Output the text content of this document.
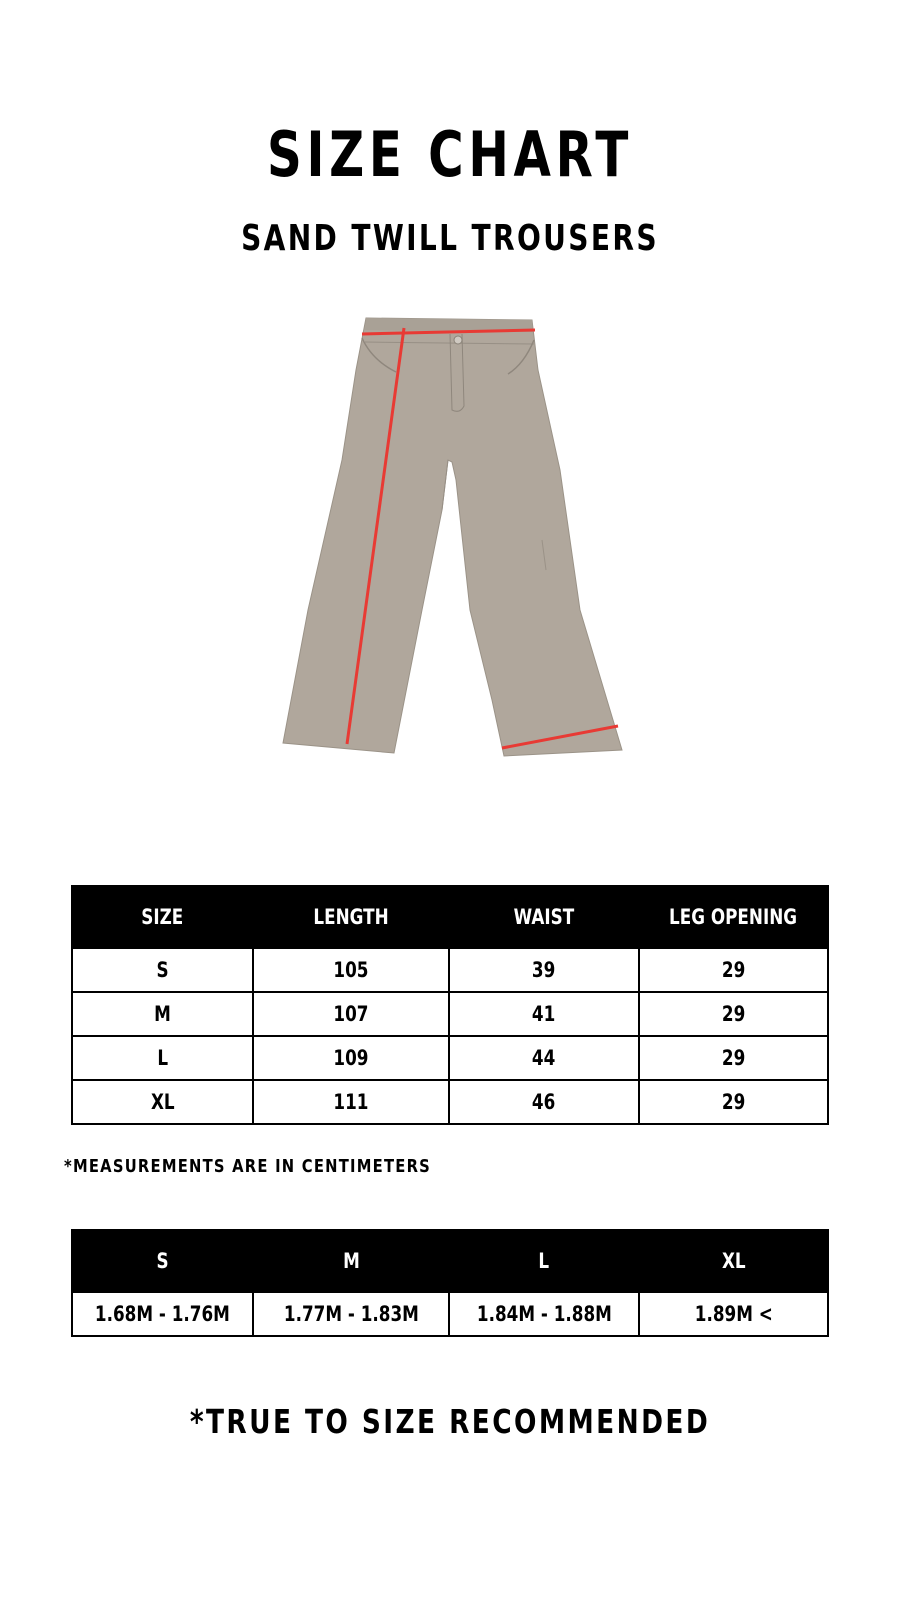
SIZE CHART
SAND TWILL TROUSERS
SIZE	LENGTH	WAIST	LEG OPENING
S	105	39	29
M	107	41	29
L	109	44	29
XL	111	46	29
*MEASUREMENTS ARE IN CENTIMETERS
S	M	L	XL
1.68M - 1.76M	1.77M - 1.83M	1.84M - 1.88M	1.89M <
*TRUE TO SIZE RECOMMENDED
